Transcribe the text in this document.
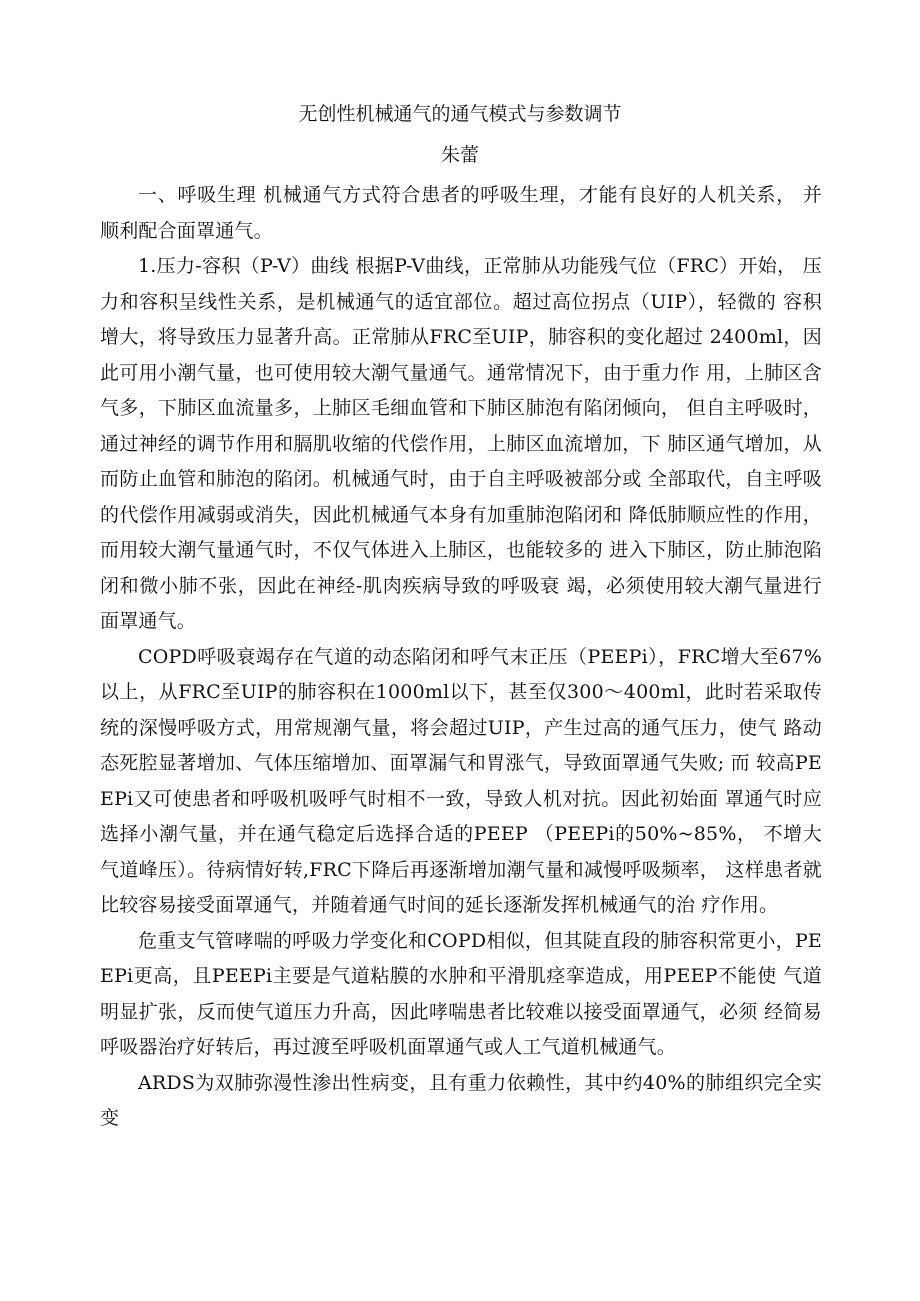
无创性机械通气的通气模式与参数调节
朱蕾

一、呼吸生理 机械通气方式符合患者的呼吸生理，才能有良好的人机关系， 并顺利配合面罩通气。

1.压力-容积（P-V）曲线 根据P-V曲线，正常肺从功能残气位（FRC）开始， 压力和容积呈线性关系，是机械通气的适宜部位。超过高位拐点（UIP），轻微的 容积增大，将导致压力显著升高。正常肺从FRC至UIP，肺容积的变化超过 2400ml，因此可用小潮气量，也可使用较大潮气量通气。通常情况下，由于重力作 用，上肺区含气多，下肺区血流量多，上肺区毛细血管和下肺区肺泡有陷闭倾向， 但自主呼吸时，通过神经的调节作用和膈肌收缩的代偿作用，上肺区血流增加，下 肺区通气增加，从而防止血管和肺泡的陷闭。机械通气时，由于自主呼吸被部分或 全部取代，自主呼吸的代偿作用减弱或消失，因此机械通气本身有加重肺泡陷闭和 降低肺顺应性的作用，而用较大潮气量通气时，不仅气体进入上肺区，也能较多的 进入下肺区，防止肺泡陷闭和微小肺不张，因此在神经-肌肉疾病导致的呼吸衰 竭，必须使用较大潮气量进行面罩通气。

COPD呼吸衰竭存在气道的动态陷闭和呼气末正压（PEEPi），FRC增大至67% 以上，从FRC至UIP的肺容积在1000ml以下，甚至仅300〜400ml，此时若采取传 统的深慢呼吸方式，用常规潮气量，将会超过UIP，产生过高的通气压力，使气 路动态死腔显著增加、气体压缩增加、面罩漏气和胃涨气，导致面罩通气失败; 而 较高PEEPi又可使患者和呼吸机吸呼气时相不一致，导致人机对抗。因此初始面 罩通气时应选择小潮气量，并在通气稳定后选择合适的PEEP （PEEPi的50%~85%， 不增大气道峰压）。待病情好转,FRC下降后再逐渐增加潮气量和减慢呼吸频率， 这样患者就比较容易接受面罩通气，并随着通气时间的延长逐渐发挥机械通气的治 疗作用。

危重支气管哮喘的呼吸力学变化和COPD相似，但其陡直段的肺容积常更小，PEEPi更高，且PEEPi主要是气道粘膜的水肿和平滑肌痉挛造成，用PEEP不能使 气道明显扩张，反而使气道压力升高，因此哮喘患者比较难以接受面罩通气，必须 经简易呼吸器治疗好转后，再过渡至呼吸机面罩通气或人工气道机械通气。

ARDS为双肺弥漫性渗出性病变，且有重力依赖性，其中约40%的肺组织完全实 变
